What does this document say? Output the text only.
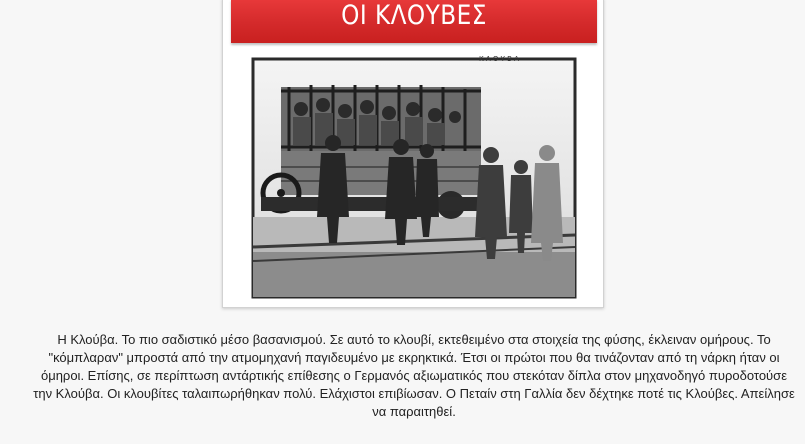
ΟΙ ΚΛΟΥΒΕΣ
Κ Λ Ο Υ Β Α
Η Κλούβα. Το πιο σαδιστικό μέσο βασανισμού. Σε αυτό το κλουβί, εκτεθειμένο στα στοιχεία της φύσης, έκλειναν ομήρους. Το "κόμπλαραν" μπροστά από την ατμομηχανή παγιδευμένο με εκρηκτικά. Έτσι οι πρώτοι που θα τινάζονταν από τη νάρκη ήταν οι όμηροι. Επίσης, σε περίπτωση αντάρτικής επίθεσης ο Γερμανός αξιωματικός που στεκόταν δίπλα στον μηχανοδηγό πυροδοτούσε την Κλούβα. Οι κλουβίτες ταλαιπωρήθηκαν πολύ. Ελάχιστοι επιβίωσαν. Ο Πεταίν στη Γαλλία δεν δέχτηκε ποτέ τις Κλούβες. Απείλησε να παραιτηθεί.
